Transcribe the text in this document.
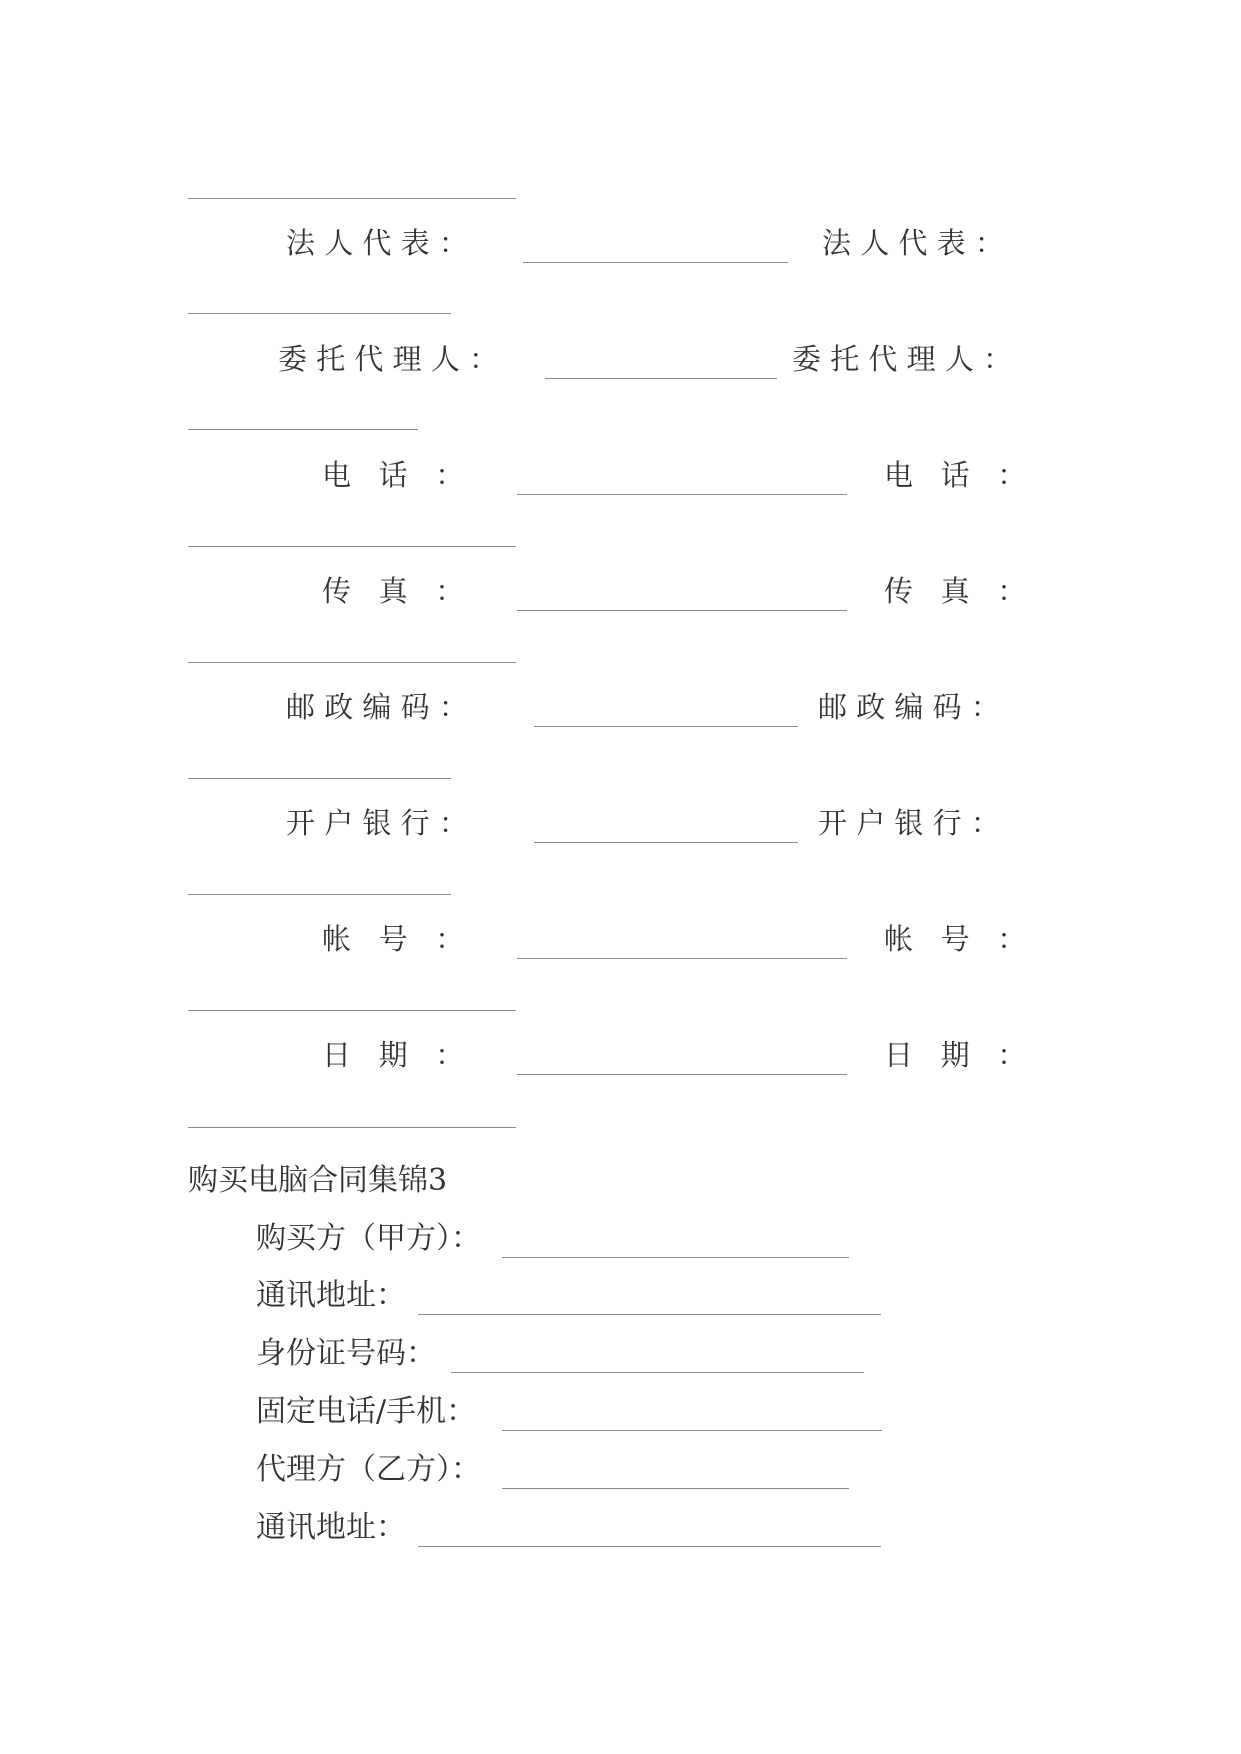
法 人 代 表 ：	法 人 代 表 ：
委 托 代 理 人 ：	委 托 代 理 人 ：
电   话   ：	电   话   ：
传   真   ：	传   真   ：
邮 政 编 码 ：	邮 政 编 码 ：
开 户 银 行 ：	开 户 银 行 ：
帐   号   ：	帐   号   ：
日   期   ：	日   期   ：
购买电脑合同集锦3
购买方（甲方）：
通讯地址：
身份证号码：
固定电话/手机：
代理方（乙方）：
通讯地址：
